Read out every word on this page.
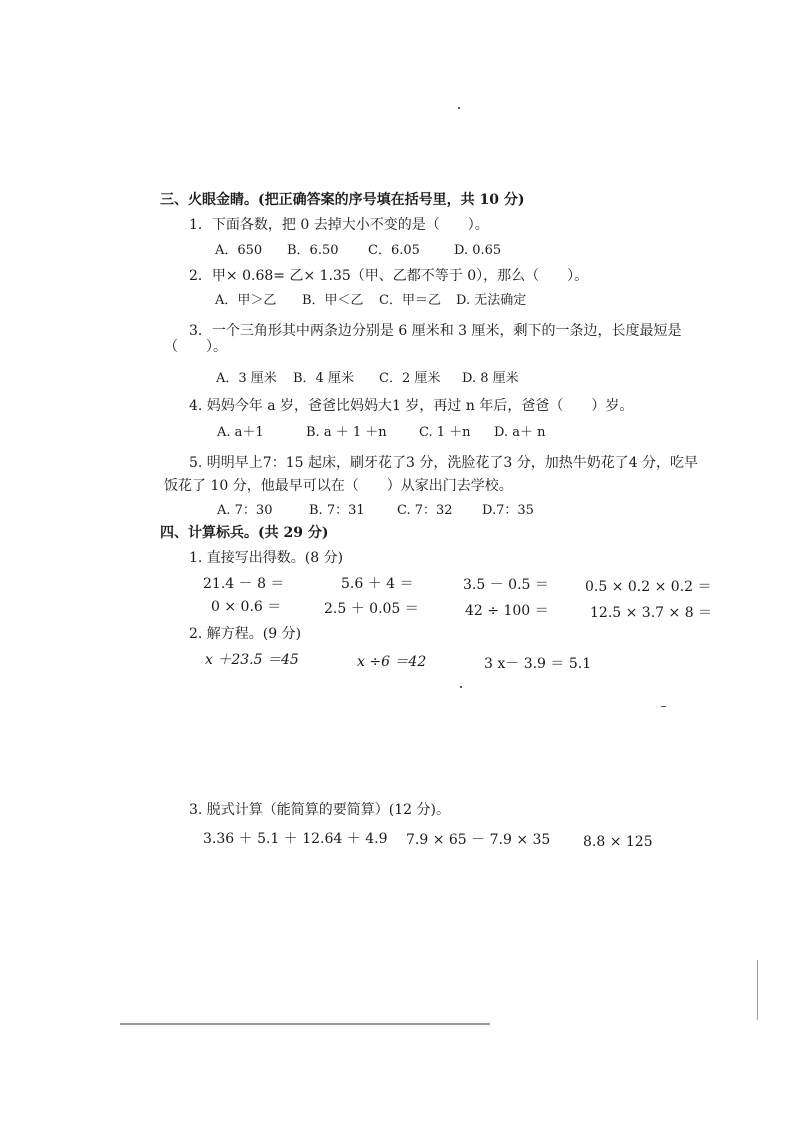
三、火眼金睛。(把正确答案的序号填在括号里，共 10 分)
1．下面各数，把 0 去掉大小不变的是（　　）。
A．650 B．6.50 C．6.05	D. 0.65
2．甲× 0.68= 乙× 1.35（甲、乙都不等于 0），那么（　　）。
A．甲＞乙 B．甲＜乙 C．甲＝乙 D. 无法确定
3．一个三角形其中两条边分别是 6 厘米和 3 厘米，剩下的一条边，长度最短是
（　　）。
A．3 厘米 B．4 厘米 C．2 厘米 D. 8 厘米
4. 妈妈今年 a 岁，爸爸比妈妈大1 岁，再过 n 年后，爸爸（　　）岁。
A. a＋1	B. a ＋ 1 ＋n C. 1 ＋n D. a＋ n
5. 明明早上7：15 起床，刷牙花了3 分，洗脸花了3 分，加热牛奶花了4 分，吃早
饭花了 10 分，他最早可以在（　　）从家出门去学校。
A. 7：30	B. 7：31 C. 7：32 D.7：35
四、计算标兵。(共 29 分)
1. 直接写出得数。(8 分)
21.4 － 8 ＝	5.6 ＋ 4 ＝	3.5 － 0.5 ＝	0.5 × 0.2 × 0.2 ＝
0 × 0.6 ＝	2.5 ＋ 0.05 ＝	42 ÷ 100 ＝	12.5 × 3.7 × 8 ＝
2. 解方程。(9 分)
x ＋23.5 ＝45	x ÷6 ＝42	3 x－ 3.9 ＝ 5.1
3. 脱式计算（能简算的要简算）(12 分)。
3.36 ＋ 5.1 ＋ 12.64 ＋ 4.9 7.9 × 65 － 7.9 × 35 8.8 × 125
